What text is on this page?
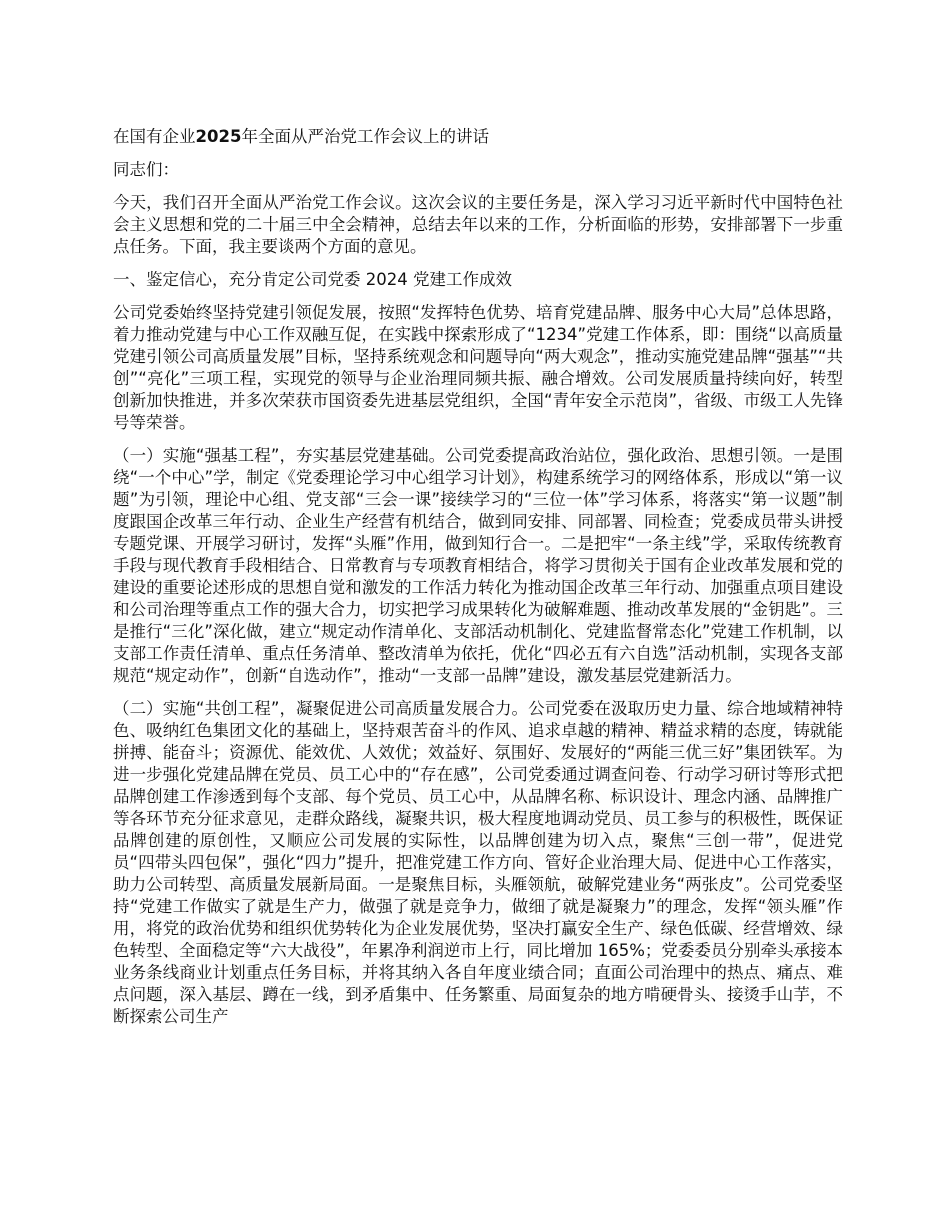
在国有企业2025年全面从严治党工作会议上的讲话

同志们：

今天，我们召开全面从严治党工作会议。这次会议的主要任务是，深入学习习近平新时代中国特色社会主义思想和党的二十届三中全会精神，总结去年以来的工作，分析面临的形势，安排部署下一步重点任务。下面，我主要谈两个方面的意见。

一、鉴定信心，充分肯定公司党委 2024 党建工作成效

公司党委始终坚持党建引领促发展，按照“发挥特色优势、培育党建品牌、服务中心大局”总体思路，着力推动党建与中心工作双融互促，在实践中探索形成了“1234”党建工作体系，即：围绕“以高质量党建引领公司高质量发展”目标，坚持系统观念和问题导向“两大观念”，推动实施党建品牌“强基”“共创”“亮化”三项工程，实现党的领导与企业治理同频共振、融合增效。公司发展质量持续向好，转型创新加快推进，并多次荣获市国资委先进基层党组织，全国“青年安全示范岗”，省级、市级工人先锋号等荣誉。

（一）实施“强基工程”，夯实基层党建基础。公司党委提高政治站位，强化政治、思想引领。一是围绕“一个中心”学，制定《党委理论学习中心组学习计划》，构建系统学习的网络体系，形成以“第一议题”为引领，理论中心组、党支部“三会一课”接续学习的“三位一体”学习体系，将落实“第一议题”制度跟国企改革三年行动、企业生产经营有机结合，做到同安排、同部署、同检查；党委成员带头讲授专题党课、开展学习研讨，发挥“头雁”作用，做到知行合一。二是把牢“一条主线”学，采取传统教育手段与现代教育手段相结合、日常教育与专项教育相结合，将学习贯彻关于国有企业改革发展和党的建设的重要论述形成的思想自觉和激发的工作活力转化为推动国企改革三年行动、加强重点项目建设和公司治理等重点工作的强大合力，切实把学习成果转化为破解难题、推动改革发展的“金钥匙”。三是推行“三化”深化做，建立“规定动作清单化、支部活动机制化、党建监督常态化”党建工作机制，以支部工作责任清单、重点任务清单、整改清单为依托，优化“四必五有六自选”活动机制，实现各支部规范“规定动作”，创新“自选动作”，推动“一支部一品牌”建设，激发基层党建新活力。

（二）实施“共创工程”，凝聚促进公司高质量发展合力。公司党委在汲取历史力量、综合地域精神特色、吸纳红色集团文化的基础上，坚持艰苦奋斗的作风、追求卓越的精神、精益求精的态度，铸就能拼搏、能奋斗；资源优、能效优、人效优；效益好、氛围好、发展好的“两能三优三好”集团铁军。为进一步强化党建品牌在党员、员工心中的“存在感”，公司党委通过调查问卷、行动学习研讨等形式把品牌创建工作渗透到每个支部、每个党员、员工心中，从品牌名称、标识设计、理念内涵、品牌推广等各环节充分征求意见，走群众路线，凝聚共识，极大程度地调动党员、员工参与的积极性，既保证品牌创建的原创性，又顺应公司发展的实际性，以品牌创建为切入点，聚焦“三创一带”，促进党员“四带头四包保”，强化“四力”提升，把准党建工作方向、管好企业治理大局、促进中心工作落实，助力公司转型、高质量发展新局面。一是聚焦目标，头雁领航，破解党建业务“两张皮”。公司党委坚持“党建工作做实了就是生产力，做强了就是竞争力，做细了就是凝聚力”的理念，发挥“领头雁”作用，将党的政治优势和组织优势转化为企业发展优势，坚决打赢安全生产、绿色低碳、经营增效、绿色转型、全面稳定等“六大战役”，年累净利润逆市上行，同比增加 165%；党委委员分别牵头承接本业务条线商业计划重点任务目标，并将其纳入各自年度业绩合同；直面公司治理中的热点、痛点、难点问题，深入基层、蹲在一线，到矛盾集中、任务繁重、局面复杂的地方啃硬骨头、接烫手山芋，不断探索公司生产
